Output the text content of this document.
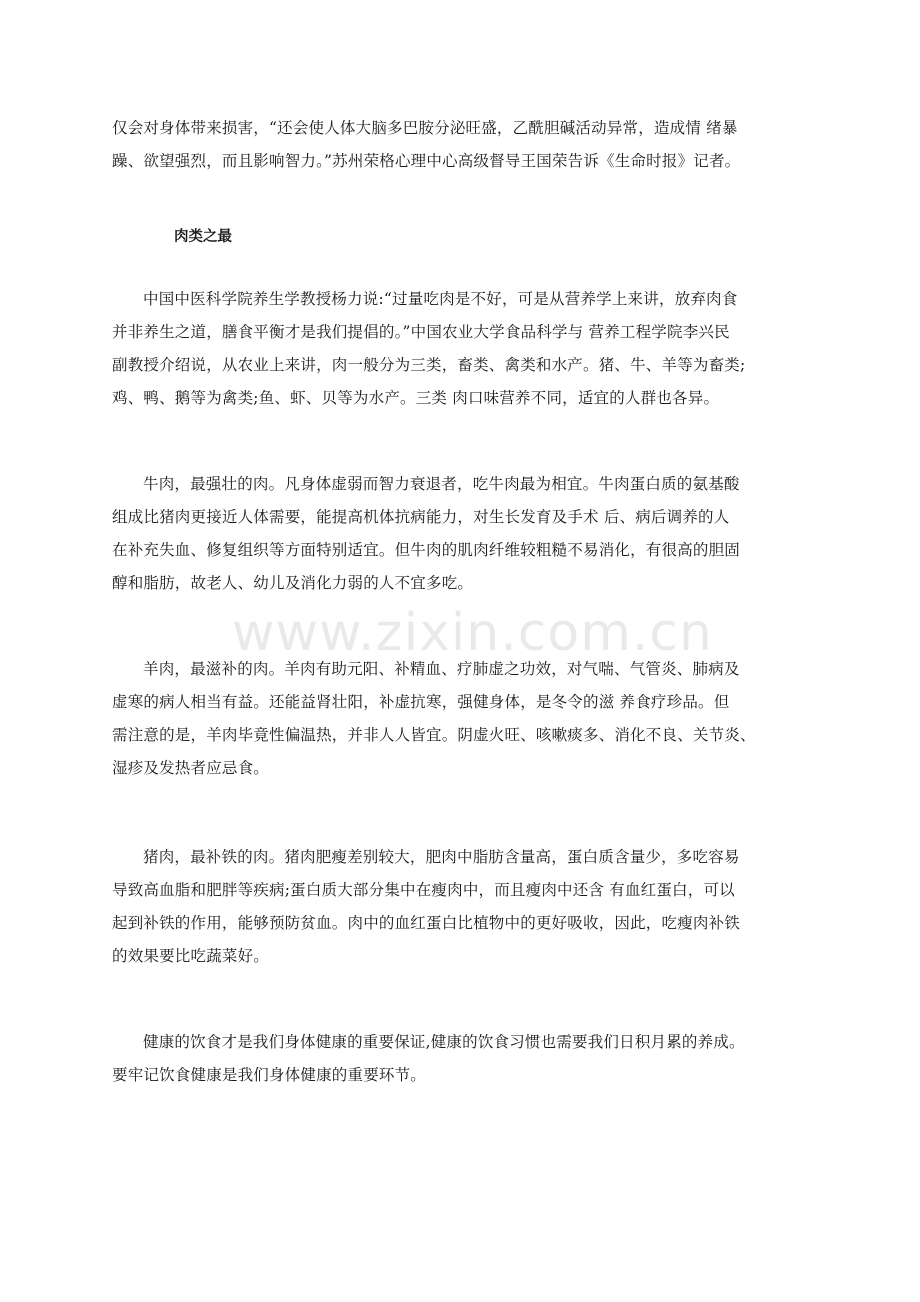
仅会对身体带来损害，“还会使人体大脑多巴胺分泌旺盛，乙酰胆碱活动异常，造成情 绪暴
躁、欲望强烈，而且影响智力。”苏州荣格心理中心高级督导王国荣告诉《生命时报》记者。

肉类之最

中国中医科学院养生学教授杨力说:“过量吃肉是不好，可是从营养学上来讲，放弃肉食
并非养生之道，膳食平衡才是我们提倡的。”中国农业大学食品科学与 营养工程学院李兴民
副教授介绍说，从农业上来讲，肉一般分为三类，畜类、禽类和水产。猪、牛、羊等为畜类;
鸡、鸭、鹅等为禽类;鱼、虾、贝等为水产。三类 肉口味营养不同，适宜的人群也各异。

牛肉，最强壮的肉。凡身体虚弱而智力衰退者，吃牛肉最为相宜。牛肉蛋白质的氨基酸
组成比猪肉更接近人体需要，能提高机体抗病能力，对生长发育及手术 后、病后调养的人
在补充失血、修复组织等方面特别适宜。但牛肉的肌肉纤维较粗糙不易消化，有很高的胆固
醇和脂肪，故老人、幼儿及消化力弱的人不宜多吃。

羊肉，最滋补的肉。羊肉有助元阳、补精血、疗肺虚之功效，对气喘、气管炎、肺病及
虚寒的病人相当有益。还能益肾壮阳，补虚抗寒，强健身体，是冬令的滋 养食疗珍品。但
需注意的是，羊肉毕竟性偏温热，并非人人皆宜。阴虚火旺、咳嗽痰多、消化不良、关节炎、
湿疹及发热者应忌食。

猪肉，最补铁的肉。猪肉肥瘦差别较大，肥肉中脂肪含量高，蛋白质含量少，多吃容易
导致高血脂和肥胖等疾病;蛋白质大部分集中在瘦肉中，而且瘦肉中还含 有血红蛋白，可以
起到补铁的作用，能够预防贫血。肉中的血红蛋白比植物中的更好吸收，因此，吃瘦肉补铁
的效果要比吃蔬菜好。

健康的饮食才是我们身体健康的重要保证,健康的饮食习惯也需要我们日积月累的养成。
要牢记饮食健康是我们身体健康的重要环节。

www.zixin.com.cn
